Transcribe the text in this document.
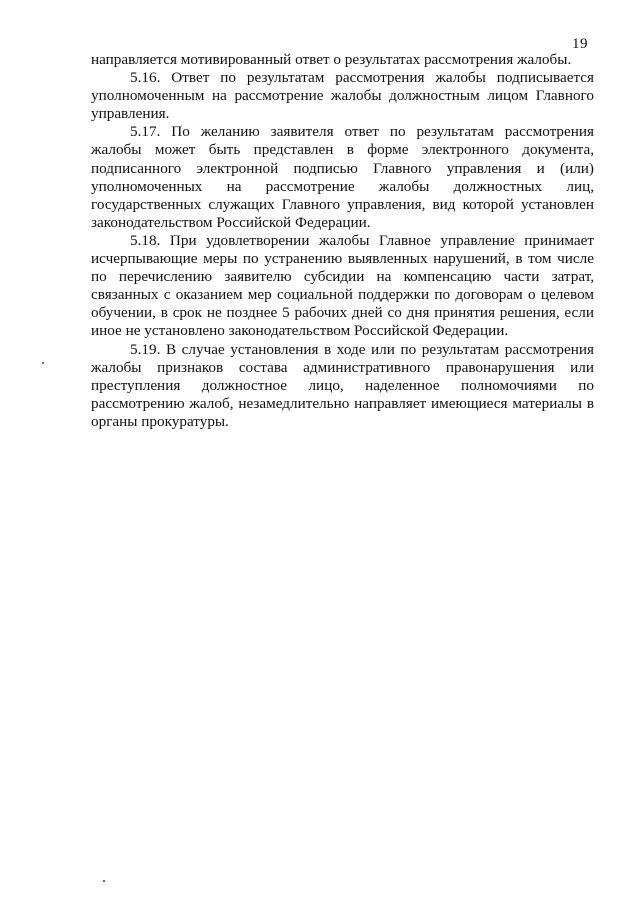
19
направляется мотивированный ответ о результатах рассмотрения жалобы.
5.16. Ответ по результатам рассмотрения жалобы подписывается
уполномоченным на рассмотрение жалобы должностным лицом Главного
управления.
5.17. По желанию заявителя ответ по результатам рассмотрения
жалобы может быть представлен в форме электронного документа,
подписанного электронной подписью Главного управления и (или)
уполномоченных на рассмотрение жалобы должностных лиц,
государственных служащих Главного управления, вид которой установлен
законодательством Российской Федерации.
5.18. При удовлетворении жалобы Главное управление принимает
исчерпывающие меры по устранению выявленных нарушений, в том числе
по перечислению заявителю субсидии на компенсацию части затрат,
связанных с оказанием мер социальной поддержки по договорам о целевом
обучении, в срок не позднее 5 рабочих дней со дня принятия решения, если
иное не установлено законодательством Российской Федерации.
5.19. В случае установления в ходе или по результатам рассмотрения
жалобы признаков состава административного правонарушения или
преступления должностное лицо, наделенное полномочиями по
рассмотрению жалоб, незамедлительно направляет имеющиеся материалы в
органы прокуратуры.
